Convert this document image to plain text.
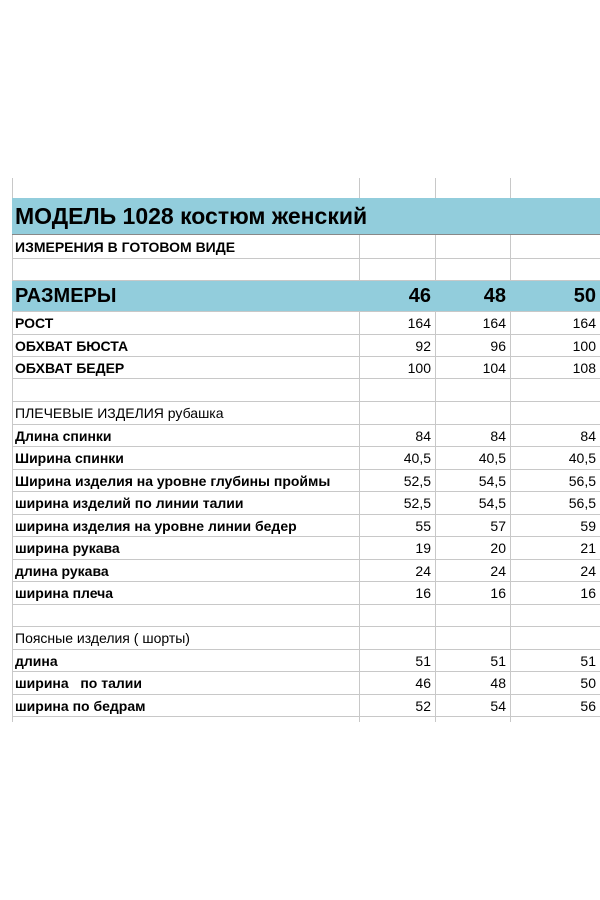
МОДЕЛЬ 1028 костюм женский
ИЗМЕРЕНИЯ В ГОТОВОМ ВИДЕ
РАЗМЕРЫ	46	48	50
РОСТ	164	164	164
ОБХВАТ БЮСТА	92	96	100
ОБХВАТ БЕДЕР	100	104	108
ПЛЕЧЕВЫЕ ИЗДЕЛИЯ рубашка
Длина спинки	84	84	84
Ширина спинки	40,5	40,5	40,5
Ширина изделия на уровне глубины проймы	52,5	54,5	56,5
ширина изделий по линии талии	52,5	54,5	56,5
ширина изделия на уровне линии бедер	55	57	59
ширина рукава	19	20	21
длина рукава	24	24	24
ширина плеча	16	16	16
Поясные изделия ( шорты)
длина	51	51	51
ширина   по талии	46	48	50
ширина по бедрам	52	54	56
